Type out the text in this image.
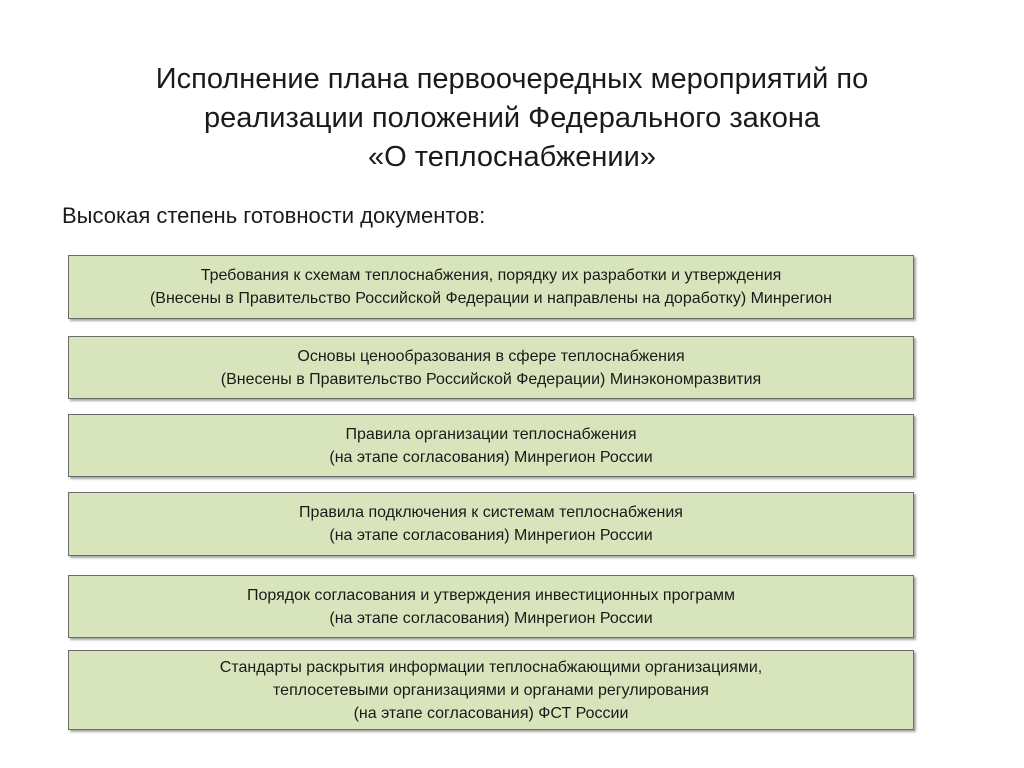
Исполнение плана первоочередных мероприятий по
реализации положений Федерального закона
«О теплоснабжении»
Высокая степень готовности документов:
Требования к схемам теплоснабжения, порядку их разработки и утверждения
(Внесены в Правительство Российской Федерации и направлены на доработку) Минрегион
Основы ценообразования в сфере теплоснабжения
(Внесены в Правительство Российской Федерации) Минэкономразвития
Правила организации теплоснабжения
(на этапе согласования) Минрегион России
Правила подключения к системам теплоснабжения
(на этапе согласования) Минрегион России
Порядок согласования и утверждения инвестиционных программ
(на этапе согласования) Минрегион России
Стандарты раскрытия информации теплоснабжающими организациями,
теплосетевыми организациями и органами регулирования
(на этапе согласования) ФСТ России
